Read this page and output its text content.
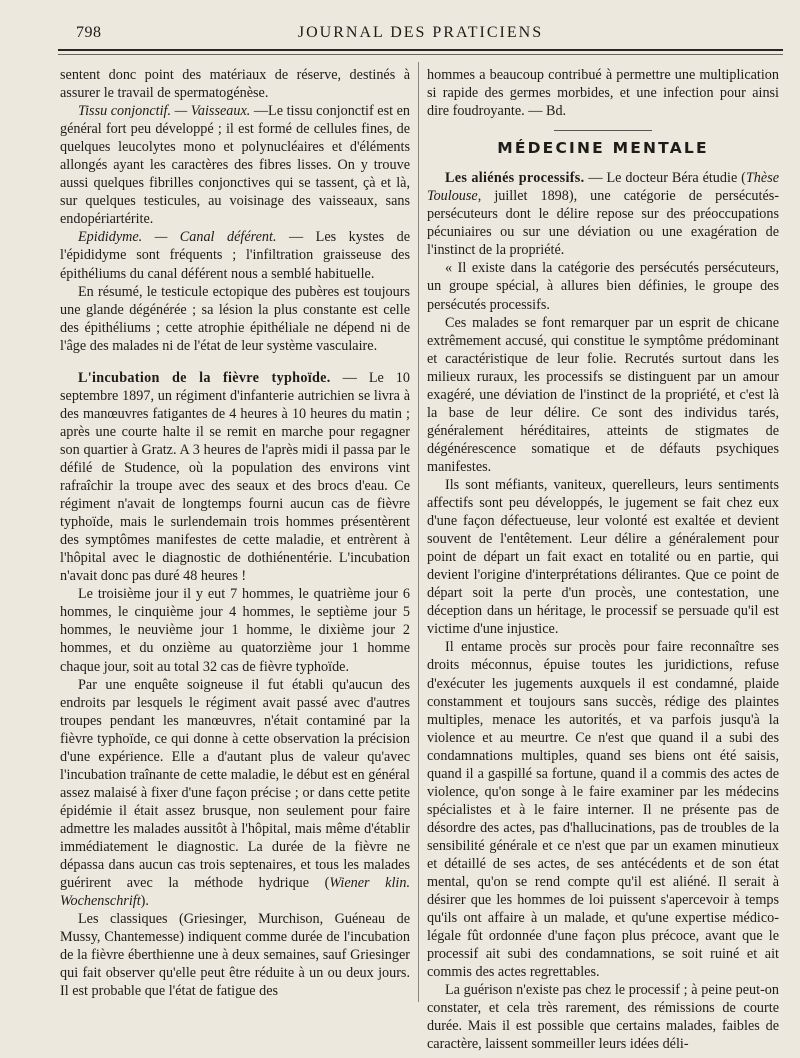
798	JOURNAL DES PRATICIENS

sentent donc point des matériaux de réserve, destinés à assurer le travail de spermatogénèse.

Tissu conjonctif. — Vaisseaux. —Le tissu conjonctif est en général fort peu développé ; il est formé de cellules fines, de quelques leucolytes mono et polynucléaires et d'éléments allongés ayant les caractères des fibres lisses. On y trouve aussi quelques fibrilles conjonctives qui se tassent, çà et là, sur quelques testicules, au voisinage des vaisseaux, sans endopériartérite.

Epididyme. — Canal déférent. — Les kystes de l'épididyme sont fréquents ; l'infiltration graisseuse des épithéliums du canal déférent nous a semblé habituelle.

En résumé, le testicule ectopique des pubères est toujours une glande dégénérée ; sa lésion la plus constante est celle des épithéliums ; cette atrophie épithéliale ne dépend ni de l'âge des malades ni de l'état de leur système vasculaire.

L'incubation de la fièvre typhoïde. — Le 10 septembre 1897, un régiment d'infanterie autrichien se livra à des manœuvres fatigantes de 4 heures à 10 heures du matin ; après une courte halte il se remit en marche pour regagner son quartier à Gratz. A 3 heures de l'après midi il passa par le défilé de Studence, où la population des environs vint rafraîchir la troupe avec des seaux et des brocs d'eau. Ce régiment n'avait de longtemps fourni aucun cas de fièvre typhoïde, mais le surlendemain trois hommes présentèrent des symptômes manifestes de cette maladie, et entrèrent à l'hôpital avec le diagnostic de dothiénentérie. L'incubation n'avait donc pas duré 48 heures !

Le troisième jour il y eut 7 hommes, le quatrième jour 6 hommes, le cinquième jour 4 hommes, le septième jour 5 hommes, le neuvième jour 1 homme, le dixième jour 2 hommes, et du onzième au quatorzième jour 1 homme chaque jour, soit au total 32 cas de fièvre typhoïde.

Par une enquête soigneuse il fut établi qu'aucun des endroits par lesquels le régiment avait passé avec d'autres troupes pendant les manœuvres, n'était contaminé par la fièvre typhoïde, ce qui donne à cette observation la précision d'une expérience. Elle a d'autant plus de valeur qu'avec l'incubation traînante de cette maladie, le début est en général assez malaisé à fixer d'une façon précise ; or dans cette petite épidémie il était assez brusque, non seulement pour faire admettre les malades aussitôt à l'hôpital, mais même d'établir immédiatement le diagnostic. La durée de la fièvre ne dépassa dans aucun cas trois septenaires, et tous les malades guérirent avec la méthode hydrique (Wiener klin. Wochenschrift).

Les classiques (Griesinger, Murchison, Guéneau de Mussy, Chantemesse) indiquent comme durée de l'incubation de la fièvre éberthienne une à deux semaines, sauf Griesinger qui fait observer qu'elle peut être réduite à un ou deux jours. Il est probable que l'état de fatigue des

hommes a beaucoup contribué à permettre une multiplication si rapide des germes morbides, et une infection pour ainsi dire foudroyante. — Bd.

MÉDECINE MENTALE

Les aliénés processifs. — Le docteur Béra étudie (Thèse Toulouse, juillet 1898), une catégorie de persécutés-persécuteurs dont le délire repose sur des préoccupations pécuniaires ou sur une déviation ou une exagération de l'instinct de la propriété.

« Il existe dans la catégorie des persécutés persécuteurs, un groupe spécial, à allures bien définies, le groupe des persécutés processifs.

Ces malades se font remarquer par un esprit de chicane extrêmement accusé, qui constitue le symptôme prédominant et caractéristique de leur folie. Recrutés surtout dans les milieux ruraux, les processifs se distinguent par un amour exagéré, une déviation de l'instinct de la propriété, et c'est là la base de leur délire. Ce sont des individus tarés, généralement héréditaires, atteints de stigmates de dégénérescence somatique et de défauts psychiques manifestes.

Ils sont méfiants, vaniteux, querelleurs, leurs sentiments affectifs sont peu développés, le jugement se fait chez eux d'une façon défectueuse, leur volonté est exaltée et devient souvent de l'entêtement. Leur délire a généralement pour point de départ un fait exact en totalité ou en partie, qui devient l'origine d'interprétations délirantes. Que ce point de départ soit la perte d'un procès, une contestation, une déception dans un héritage, le processif se persuade qu'il est victime d'une injustice.

Il entame procès sur procès pour faire reconnaître ses droits méconnus, épuise toutes les juridictions, refuse d'exécuter les jugements auxquels il est condamné, plaide constamment et toujours sans succès, rédige des plaintes multiples, menace les autorités, et va parfois jusqu'à la violence et au meurtre. Ce n'est que quand il a subi des condamnations multiples, quand ses biens ont été saisis, quand il a gaspillé sa fortune, quand il a commis des actes de violence, qu'on songe à le faire examiner par les médecins spécialistes et à le faire interner. Il ne présente pas de désordre des actes, pas d'hallucinations, pas de troubles de la sensibilité générale et ce n'est que par un examen minutieux et détaillé de ses actes, de ses antécédents et de son état mental, qu'on se rend compte qu'il est aliéné. Il serait à désirer que les hommes de loi puissent s'apercevoir à temps qu'ils ont affaire à un malade, et qu'une expertise médico-légale fût ordonnée d'une façon plus précoce, avant que le processif ait subi des condamnations, se soit ruiné et ait commis des actes regrettables.

La guérison n'existe pas chez le processif ; à peine peut-on constater, et cela très rarement, des rémissions de courte durée. Mais il est possible que certains malades, faibles de caractère, laissent sommeiller leurs idées déli-
